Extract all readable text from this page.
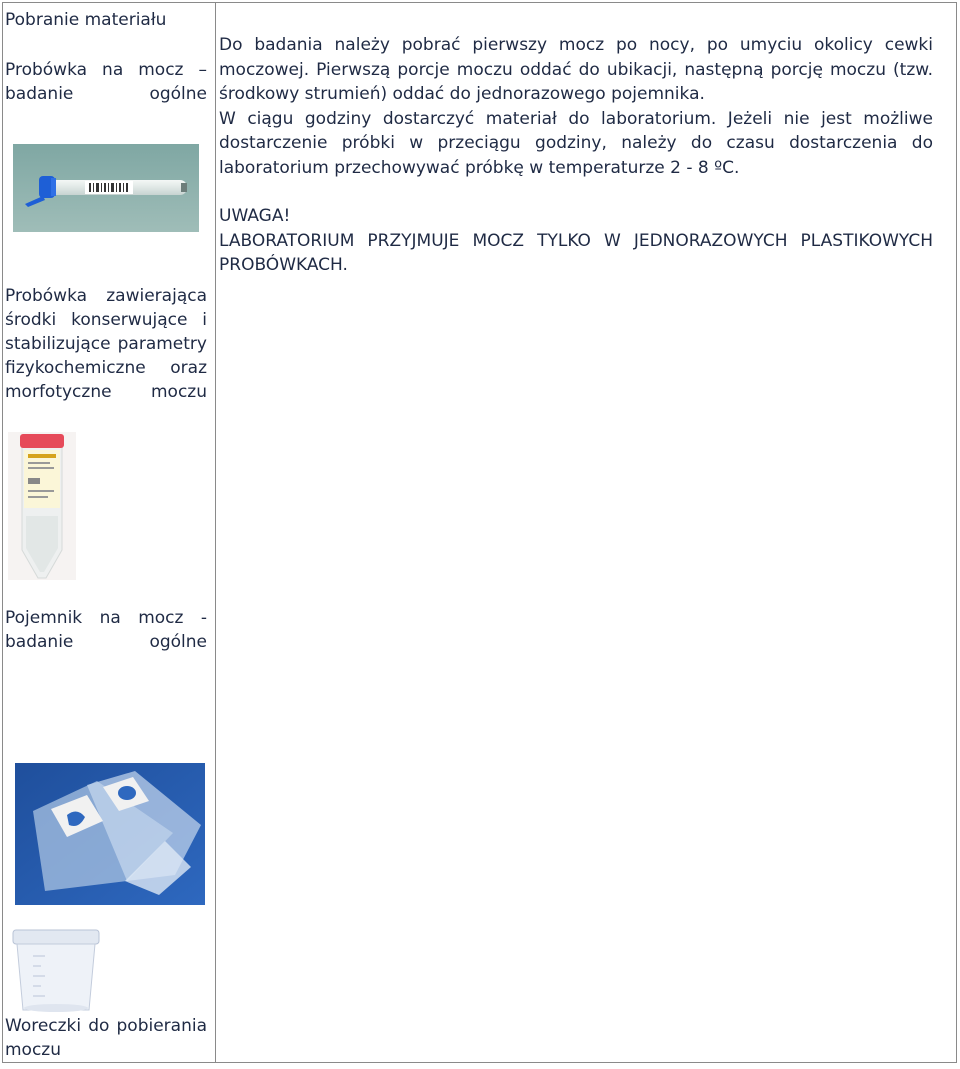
Pobranie materiału
Probówka na mocz – badanie ogólne
Probówka zawierająca środki konserwujące i stabilizujące parametry fizykochemiczne oraz morfotyczne moczu
Pojemnik na mocz - badanie ogólne
Woreczki do pobierania moczu

Do badania należy pobrać pierwszy mocz po nocy, po umyciu okolicy cewki moczowej. Pierwszą porcje moczu oddać do ubikacji, następną porcję moczu (tzw. środkowy strumień) oddać do jednorazowego pojemnika.

W ciągu godziny dostarczyć materiał do laboratorium. Jeżeli nie jest możliwe dostarczenie próbki w przeciągu godziny, należy do czasu dostarczenia do laboratorium przechowywać próbkę w temperaturze 2 - 8 ºC.

UWAGA!

LABORATORIUM PRZYJMUJE MOCZ TYLKO W JEDNORAZOWYCH PLASTIKOWYCH PROBÓWKACH.
